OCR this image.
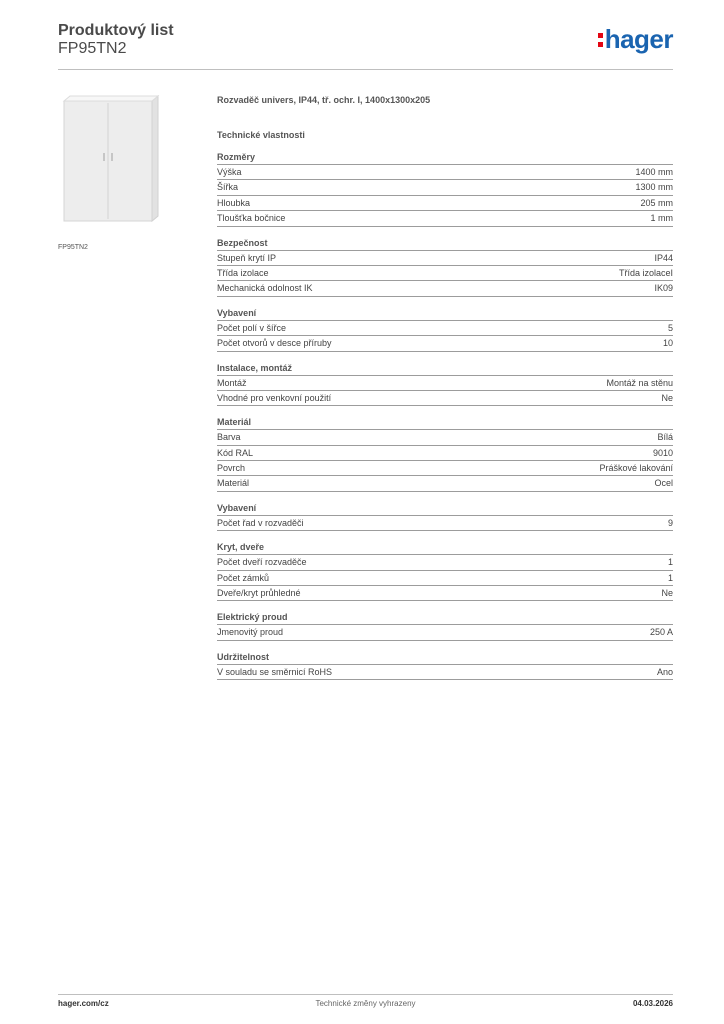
Produktový list
FP95TN2	hager
FP95TN2
Rozvaděč univers, IP44, tř. ochr. I, 1400x1300x205
Technické vlastnosti
Rozměry
Výška	1400 mm
Šířka	1300 mm
Hloubka	205 mm
Tloušťka bočnice	1 mm
Bezpečnost
Stupeň krytí IP	IP44
Třída izolace	Třída izolaceI
Mechanická odolnost IK	IK09
Vybavení
Počet polí v šířce	5
Počet otvorů v desce příruby	10
Instalace, montáž
Montáž	Montáž na stěnu
Vhodné pro venkovní použití	Ne
Materiál
Barva	Bílá
Kód RAL	9010
Povrch	Práškové lakování
Materiál	Ocel
Vybavení
Počet řad v rozvaděči	9
Kryt, dveře
Počet dveří rozvaděče	1
Počet zámků	1
Dveře/kryt průhledné	Ne
Elektrický proud
Jmenovitý proud	250 A
Udržitelnost
V souladu se směrnicí RoHS	Ano
hager.com/cz	Technické změny vyhrazeny	04.03.2026
